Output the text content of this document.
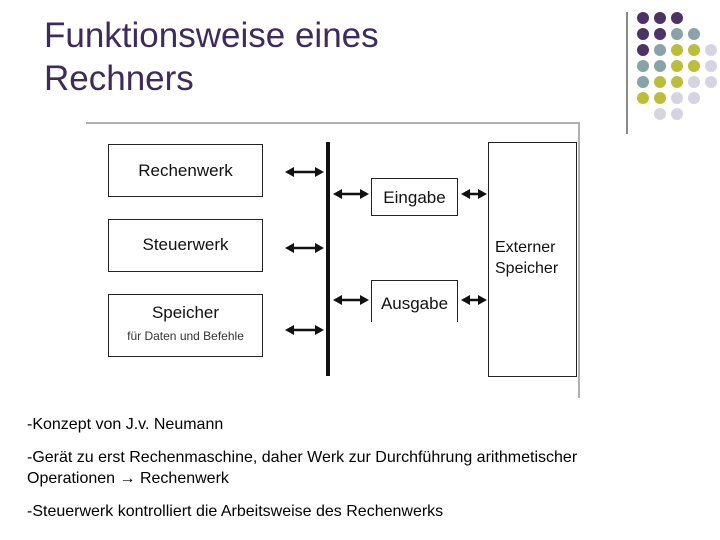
Funktionsweise eines
Rechners
Rechenwerk
Steuerwerk
Speicher
für Daten und Befehle
Eingabe
Ausgabe
Externer
Speicher

-Konzept von J.v. Neumann

-Gerät zu erst Rechenmaschine, daher Werk zur Durchführung arithmetischer
Operationen → Rechenwerk

-Steuerwerk kontrolliert die Arbeitsweise des Rechenwerks
